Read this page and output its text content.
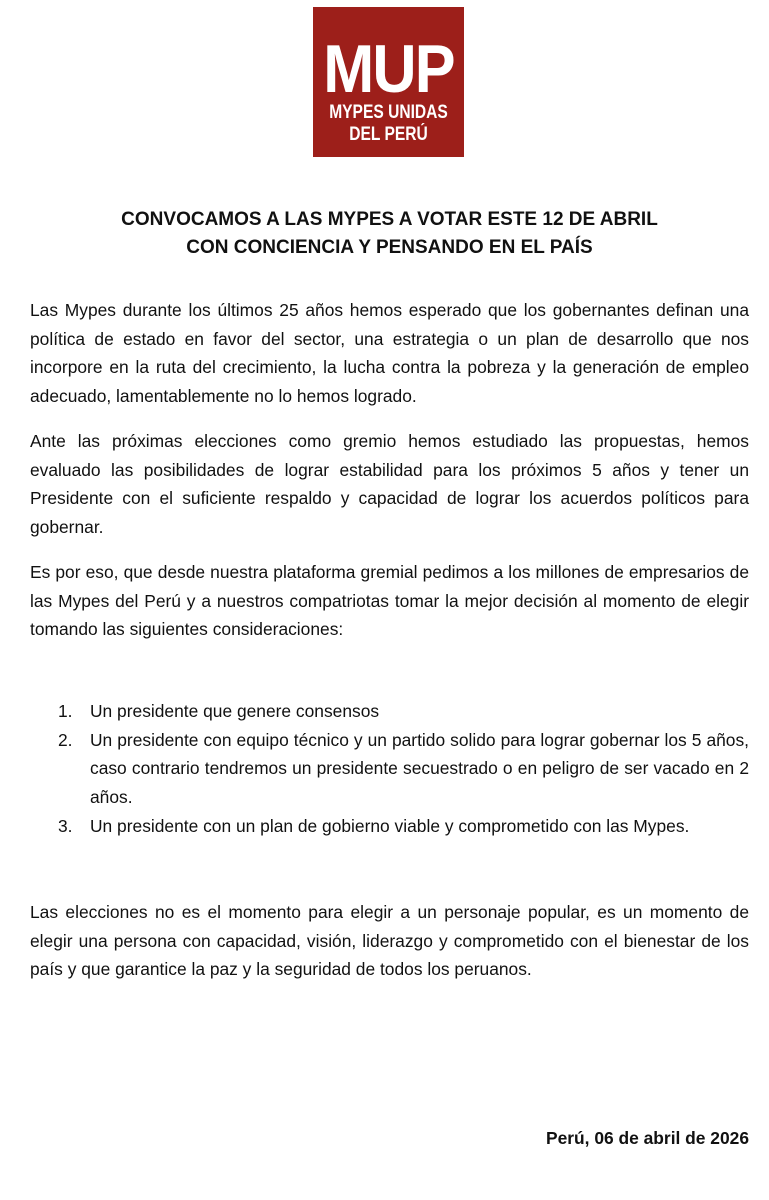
MUP
MYPES UNIDAS
DEL PERÚ
CONVOCAMOS A LAS MYPES A VOTAR ESTE 12 DE ABRIL
CON CONCIENCIA Y PENSANDO EN EL PAÍS

Las Mypes durante los últimos 25 años hemos esperado que los gobernantes definan una política de estado en favor del sector, una estrategia o un plan de desarrollo que nos incorpore en la ruta del crecimiento, la lucha contra la pobreza y la generación de empleo adecuado, lamentablemente no lo hemos logrado.

Ante las próximas elecciones como gremio hemos estudiado las propuestas, hemos evaluado las posibilidades de lograr estabilidad para los próximos 5 años y tener un Presidente con el suficiente respaldo y capacidad de lograr los acuerdos políticos para gobernar.

Es por eso, que desde nuestra plataforma gremial pedimos a los millones de empresarios de las Mypes del Perú y a nuestros compatriotas tomar la mejor decisión al momento de elegir tomando las siguientes consideraciones:

1. Un presidente que genere consensos
2. Un presidente con equipo técnico y un partido solido para lograr gobernar los 5 años, caso contrario tendremos un presidente secuestrado o en peligro de ser vacado en 2 años.
3. Un presidente con un plan de gobierno viable y comprometido con las Mypes.

Las elecciones no es el momento para elegir a un personaje popular, es un momento de elegir una persona con capacidad, visión, liderazgo y comprometido con el bienestar de los país y que garantice la paz y la seguridad de todos los peruanos.

Perú, 06 de abril de 2026
